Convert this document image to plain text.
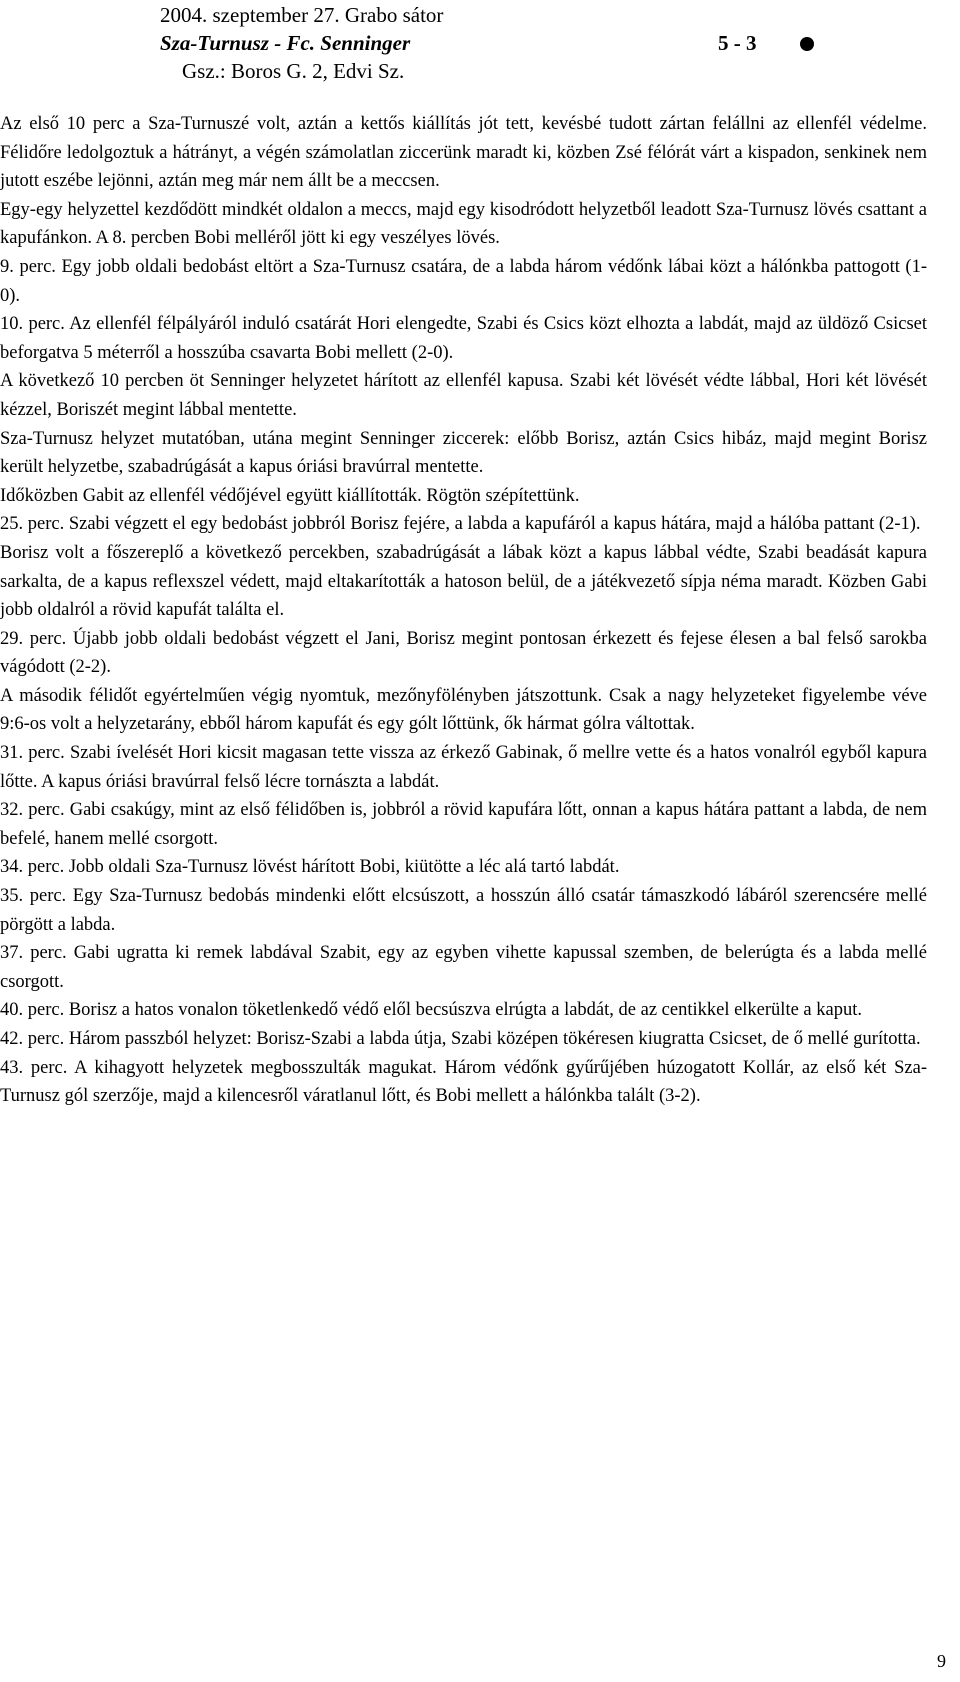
2004. szeptember 27. Grabo sátor
Sza-Turnusz - Fc. Senninger
Gsz.: Boros G. 2, Edvi Sz.
5 - 3

Az első 10 perc a Sza-Turnuszé volt, aztán a kettős kiállítás jót tett, kevésbé tudott zártan felállni az ellenfél védelme. Félidőre ledolgoztuk a hátrányt, a végén számolatlan ziccerünk maradt ki, közben Zsé félórát várt a kispadon, senkinek nem jutott eszébe lejönni, aztán meg már nem állt be a meccsen.

Egy-egy helyzettel kezdődött mindkét oldalon a meccs, majd egy kisodródott helyzetből leadott Sza-Turnusz lövés csattant a kapufánkon. A 8. percben Bobi melléről jött ki egy veszélyes lövés.

9. perc. Egy jobb oldali bedobást eltört a Sza-Turnusz csatára, de a labda három védőnk lábai közt a hálónkba pattogott (1-0).

10. perc. Az ellenfél félpályáról induló csatárát Hori elengedte, Szabi és Csics közt elhozta a labdát, majd az üldöző Csicset beforgatva 5 méterről a hosszúba csavarta Bobi mellett (2-0).

A következő 10 percben öt Senninger helyzetet hárított az ellenfél kapusa. Szabi két lövését védte lábbal, Hori két lövését kézzel, Boriszét megint lábbal mentette.

Sza-Turnusz helyzet mutatóban, utána megint Senninger ziccerek: előbb Borisz, aztán Csics hibáz, majd megint Borisz került helyzetbe, szabadrúgását a kapus óriási bravúrral mentette.

Időközben Gabit az ellenfél védőjével együtt kiállították. Rögtön szépítettünk.

25. perc. Szabi végzett el egy bedobást jobbról Borisz fejére, a labda a kapufáról a kapus hátára, majd a hálóba pattant (2-1).

Borisz volt a főszereplő a következő percekben, szabadrúgását a lábak közt a kapus lábbal védte, Szabi beadását kapura sarkalta, de a kapus reflexszel védett, majd eltakarították a hatoson belül, de a játékvezető sípja néma maradt. Közben Gabi jobb oldalról a rövid kapufát találta el.

29. perc. Újabb jobb oldali bedobást végzett el Jani, Borisz megint pontosan érkezett és fejese élesen a bal felső sarokba vágódott (2-2).

A második félidőt egyértelműen végig nyomtuk, mezőnyfölényben játszottunk. Csak a nagy helyzeteket figyelembe véve 9:6-os volt a helyzetarány, ebből három kapufát és egy gólt lőttünk, ők hármat gólra váltottak.

31. perc. Szabi ívelését Hori kicsit magasan tette vissza az érkező Gabinak, ő mellre vette és a hatos vonalról egyből kapura lőtte. A kapus óriási bravúrral felső lécre tornászta a labdát.

32. perc. Gabi csakúgy, mint az első félidőben is, jobbról a rövid kapufára lőtt, onnan a kapus hátára pattant a labda, de nem befelé, hanem mellé csorgott.

34. perc. Jobb oldali Sza-Turnusz lövést hárított Bobi, kiütötte a léc alá tartó labdát.

35. perc. Egy Sza-Turnusz bedobás mindenki előtt elcsúszott, a hosszún álló csatár támaszkodó lábáról szerencsére mellé pörgött a labda.

37. perc. Gabi ugratta ki remek labdával Szabit, egy az egyben vihette kapussal szemben, de belerúgta és a labda mellé csorgott.

40. perc. Borisz a hatos vonalon töketlenkedő védő elől becsúszva elrúgta a labdát, de az centikkel elkerülte a kaput.

42. perc. Három passzból helyzet: Borisz-Szabi a labda útja, Szabi középen tökéresen kiugratta Csicset, de ő mellé gurította.

43. perc. A kihagyott helyzetek megbosszulták magukat. Három védőnk gyűrűjében húzogatott Kollár, az első két Sza-Turnusz gól szerzője, majd a kilencesről váratlanul lőtt, és Bobi mellett a hálónkba talált (3-2).

9
